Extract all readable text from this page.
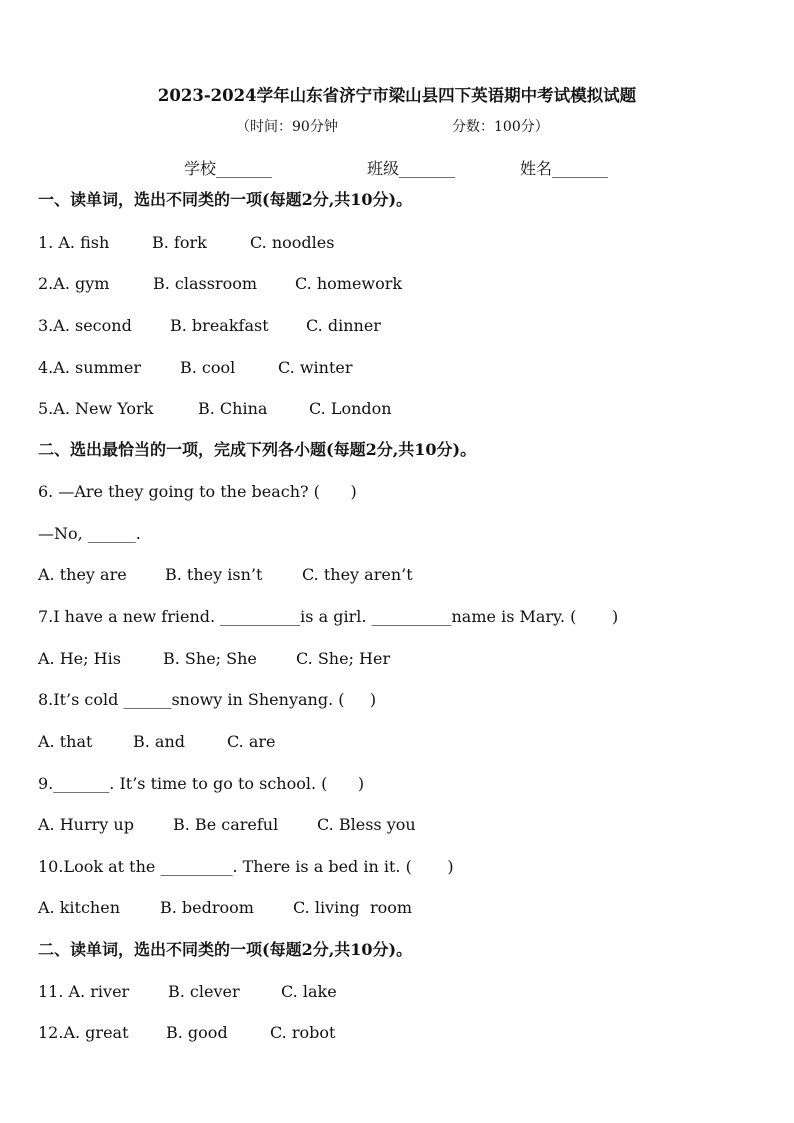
2023-2024学年山东省济宁市梁山县四下英语期中考试模拟试题
（时间：90分钟	分数：100分）
学校_______	班级_______	姓名_______
一、读单词，选出不同类的一项(每题2分,共10分)。
1. A. fish	B. fork	C. noodles
2.A. gym	B. classroom C. homework
3.A. second B. breakfast C. dinner
4.A. summer B. cool	C. winter
5.A. New York	B. China	C. London
二、选出最恰当的一项，完成下列各小题(每题2分,共10分)。
6. —Are they going to the beach? (      )
—No, ______.
A. they are B. they isn’t C. they aren’t
7.I have a new friend. __________is a girl. __________name is Mary. (       )
A. He; His	B. She; She C. She; Her
8.It’s cold ______snowy in Shenyang. (     )
A. that	B. and	C. are
9._______. It’s time to go to school. (      )
A. Hurry up B. Be careful C. Bless you
10.Look at the _________. There is a bed in it. (       )
A. kitchen B. bedroom C. living  room
二、读单词，选出不同类的一项(每题2分,共10分)。
11. A. river B. clever	C. lake
12.A. great B. good	C. robot
